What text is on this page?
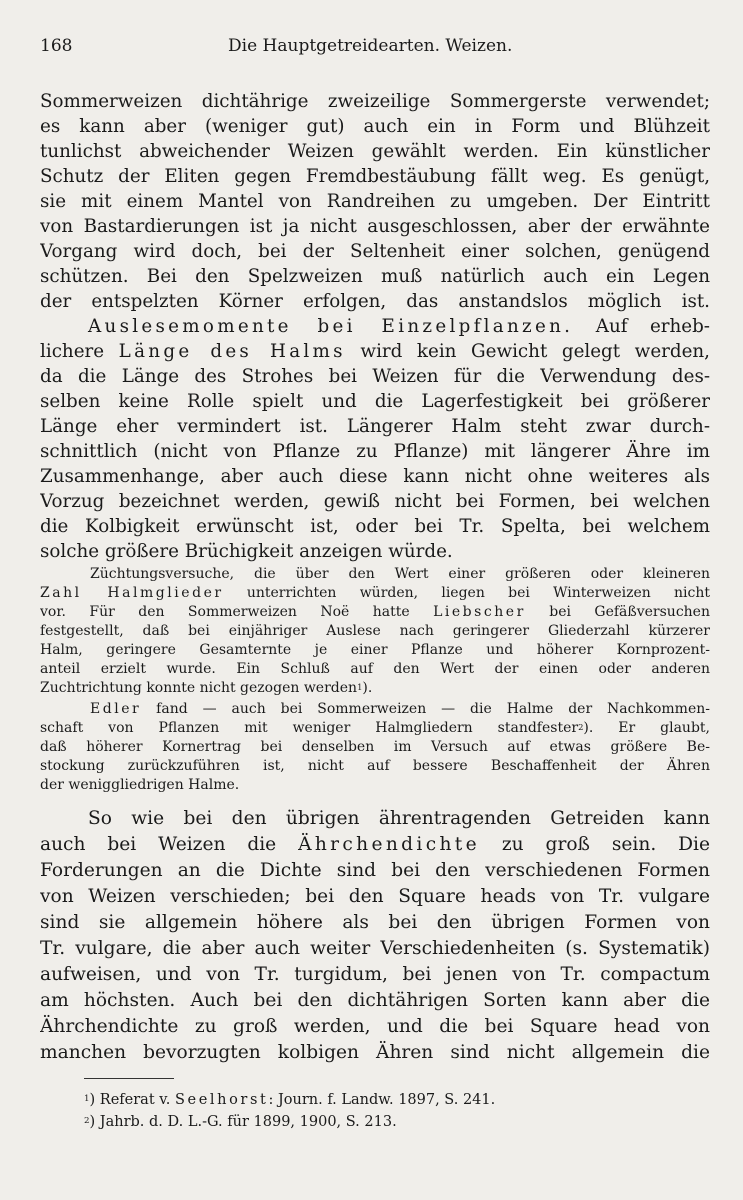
168	Die Hauptgetreidearten. Weizen.
Sommerweizen dichtährige zweizeilige Sommergerste verwendet;
es kann aber (weniger gut) auch ein in Form und Blühzeit
tunlichst abweichender Weizen gewählt werden. Ein künstlicher
Schutz der Eliten gegen Fremdbestäubung fällt weg. Es genügt,
sie mit einem Mantel von Randreihen zu umgeben. Der Eintritt
von Bastardierungen ist ja nicht ausgeschlossen, aber der erwähnte
Vorgang wird doch, bei der Seltenheit einer solchen, genügend
schützen. Bei den Spelzweizen muß natürlich auch ein Legen
der entspelzten Körner erfolgen, das anstandslos möglich ist.
Auslesemomente bei Einzelpflanzen. Auf erheb-
lichere Länge des Halms wird kein Gewicht gelegt werden,
da die Länge des Strohes bei Weizen für die Verwendung des-
selben keine Rolle spielt und die Lagerfestigkeit bei größerer
Länge eher vermindert ist. Längerer Halm steht zwar durch-
schnittlich (nicht von Pflanze zu Pflanze) mit längerer Ähre im
Zusammenhange, aber auch diese kann nicht ohne weiteres als
Vorzug bezeichnet werden, gewiß nicht bei Formen, bei welchen
die Kolbigkeit erwünscht ist, oder bei Tr. Spelta, bei welchem
solche größere Brüchigkeit anzeigen würde.
Züchtungsversuche, die über den Wert einer größeren oder kleineren
Zahl Halmglieder unterrichten würden, liegen bei Winterweizen nicht
vor. Für den Sommerweizen Noë hatte Liebscher bei Gefäßversuchen
festgestellt, daß bei einjähriger Auslese nach geringerer Gliederzahl kürzerer
Halm, geringere Gesamternte je einer Pflanze und höherer Kornprozent-
anteil erzielt wurde. Ein Schluß auf den Wert der einen oder anderen
Zuchtrichtung konnte nicht gezogen werden$^1$).
Edler fand — auch bei Sommerweizen — die Halme der Nachkommen-
schaft von Pflanzen mit weniger Halmgliedern standfester$^2$). Er glaubt,
daß höherer Kornertrag bei denselben im Versuch auf etwas größere Be-
stockung zurückzuführen ist, nicht auf bessere Beschaffenheit der Ähren
der weniggliedrigen Halme.
So wie bei den übrigen ährentragenden Getreiden kann
auch bei Weizen die Ährchendichte zu groß sein. Die
Forderungen an die Dichte sind bei den verschiedenen Formen
von Weizen verschieden; bei den Square heads von Tr. vulgare
sind sie allgemein höhere als bei den übrigen Formen von
Tr. vulgare, die aber auch weiter Verschiedenheiten (s. Systematik)
aufweisen, und von Tr. turgidum, bei jenen von Tr. compactum
am höchsten. Auch bei den dichtährigen Sorten kann aber die
Ährchendichte zu groß werden, und die bei Square head von
manchen bevorzugten kolbigen Ähren sind nicht allgemein die
$^1$) Referat v. Seelhorst: Journ. f. Landw. 1897, S. 241.
$^2$) Jahrb. d. D. L.-G. für 1899, 1900, S. 213.
